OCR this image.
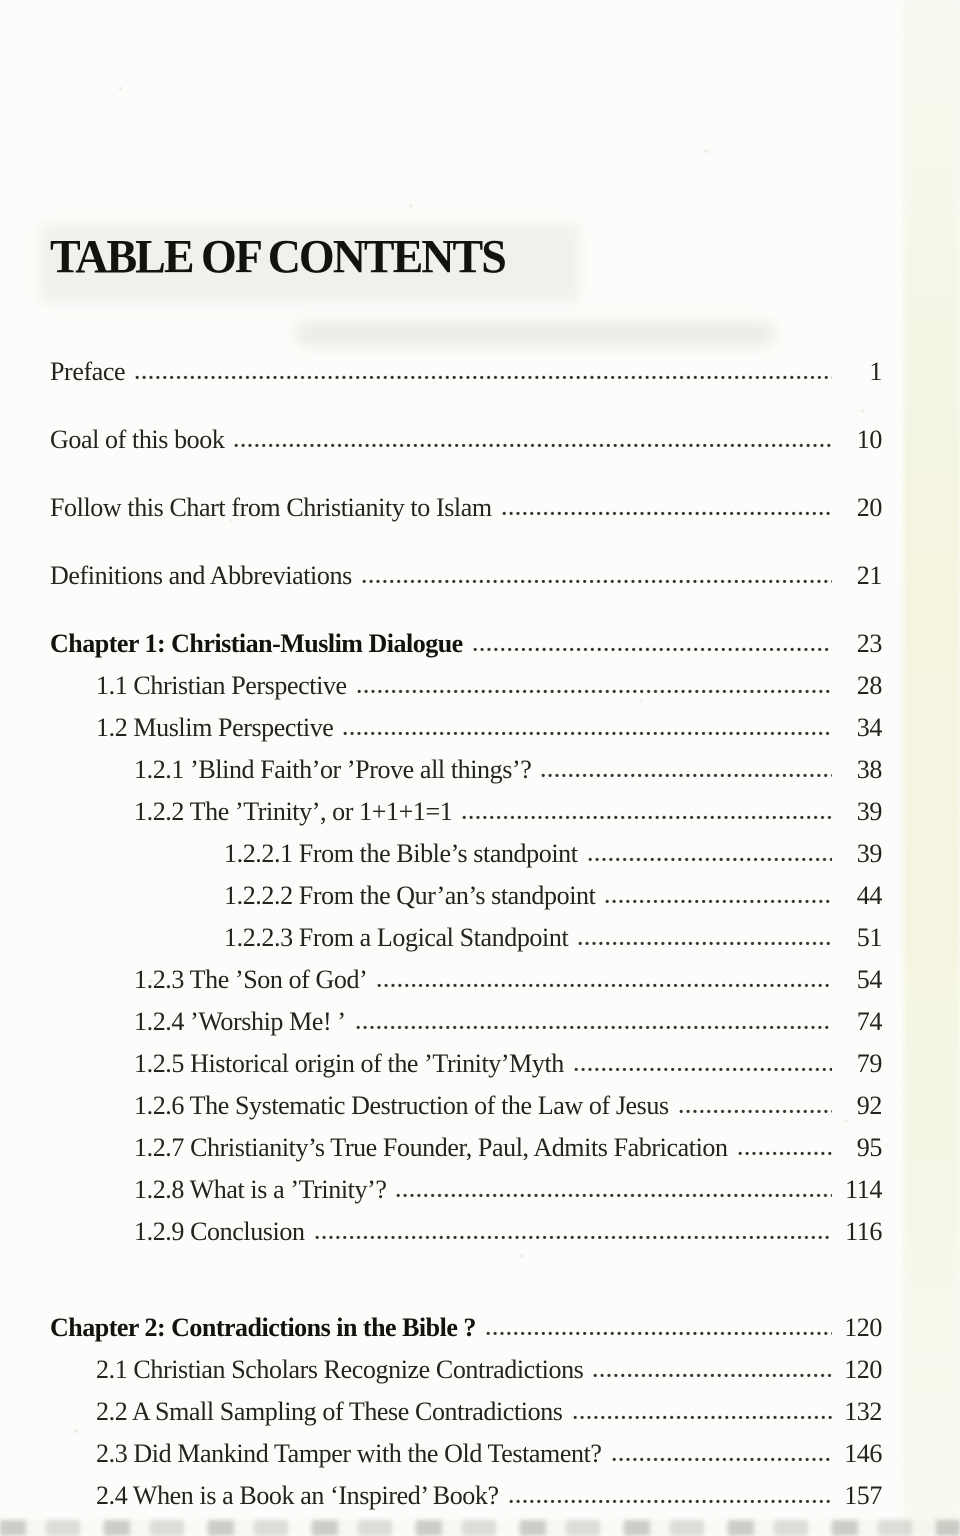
TABLE OF CONTENTS
Preface	1
Goal of this book	10
Follow this Chart from Christianity to Islam	20
Definitions and Abbreviations	21
Chapter 1: Christian-Muslim Dialogue	23
1.1 Christian Perspective	28
1.2 Muslim Perspective	34
1.2.1 ’Blind Faith’or ’Prove all things’?	38
1.2.2 The ’Trinity’, or 1+1+1=1	39
1.2.2.1 From the Bible’s standpoint	39
1.2.2.2 From the Qur’an’s standpoint	44
1.2.2.3 From a Logical Standpoint	51
1.2.3 The ’Son of God’	54
1.2.4 ’Worship Me! ’	74
1.2.5 Historical origin of the ’Trinity’Myth	79
1.2.6 The Systematic Destruction of the Law of Jesus	92
1.2.7 Christianity’s True Founder, Paul, Admits Fabrication	95
1.2.8 What is a ’Trinity’?	114
1.2.9 Conclusion	116
Chapter 2: Contradictions in the Bible ?	120
2.1 Christian Scholars Recognize Contradictions	120
2.2 A Small Sampling of These Contradictions	132
2.3 Did Mankind Tamper with the Old Testament?	146
2.4 When is a Book an ‘Inspired’ Book?	157
